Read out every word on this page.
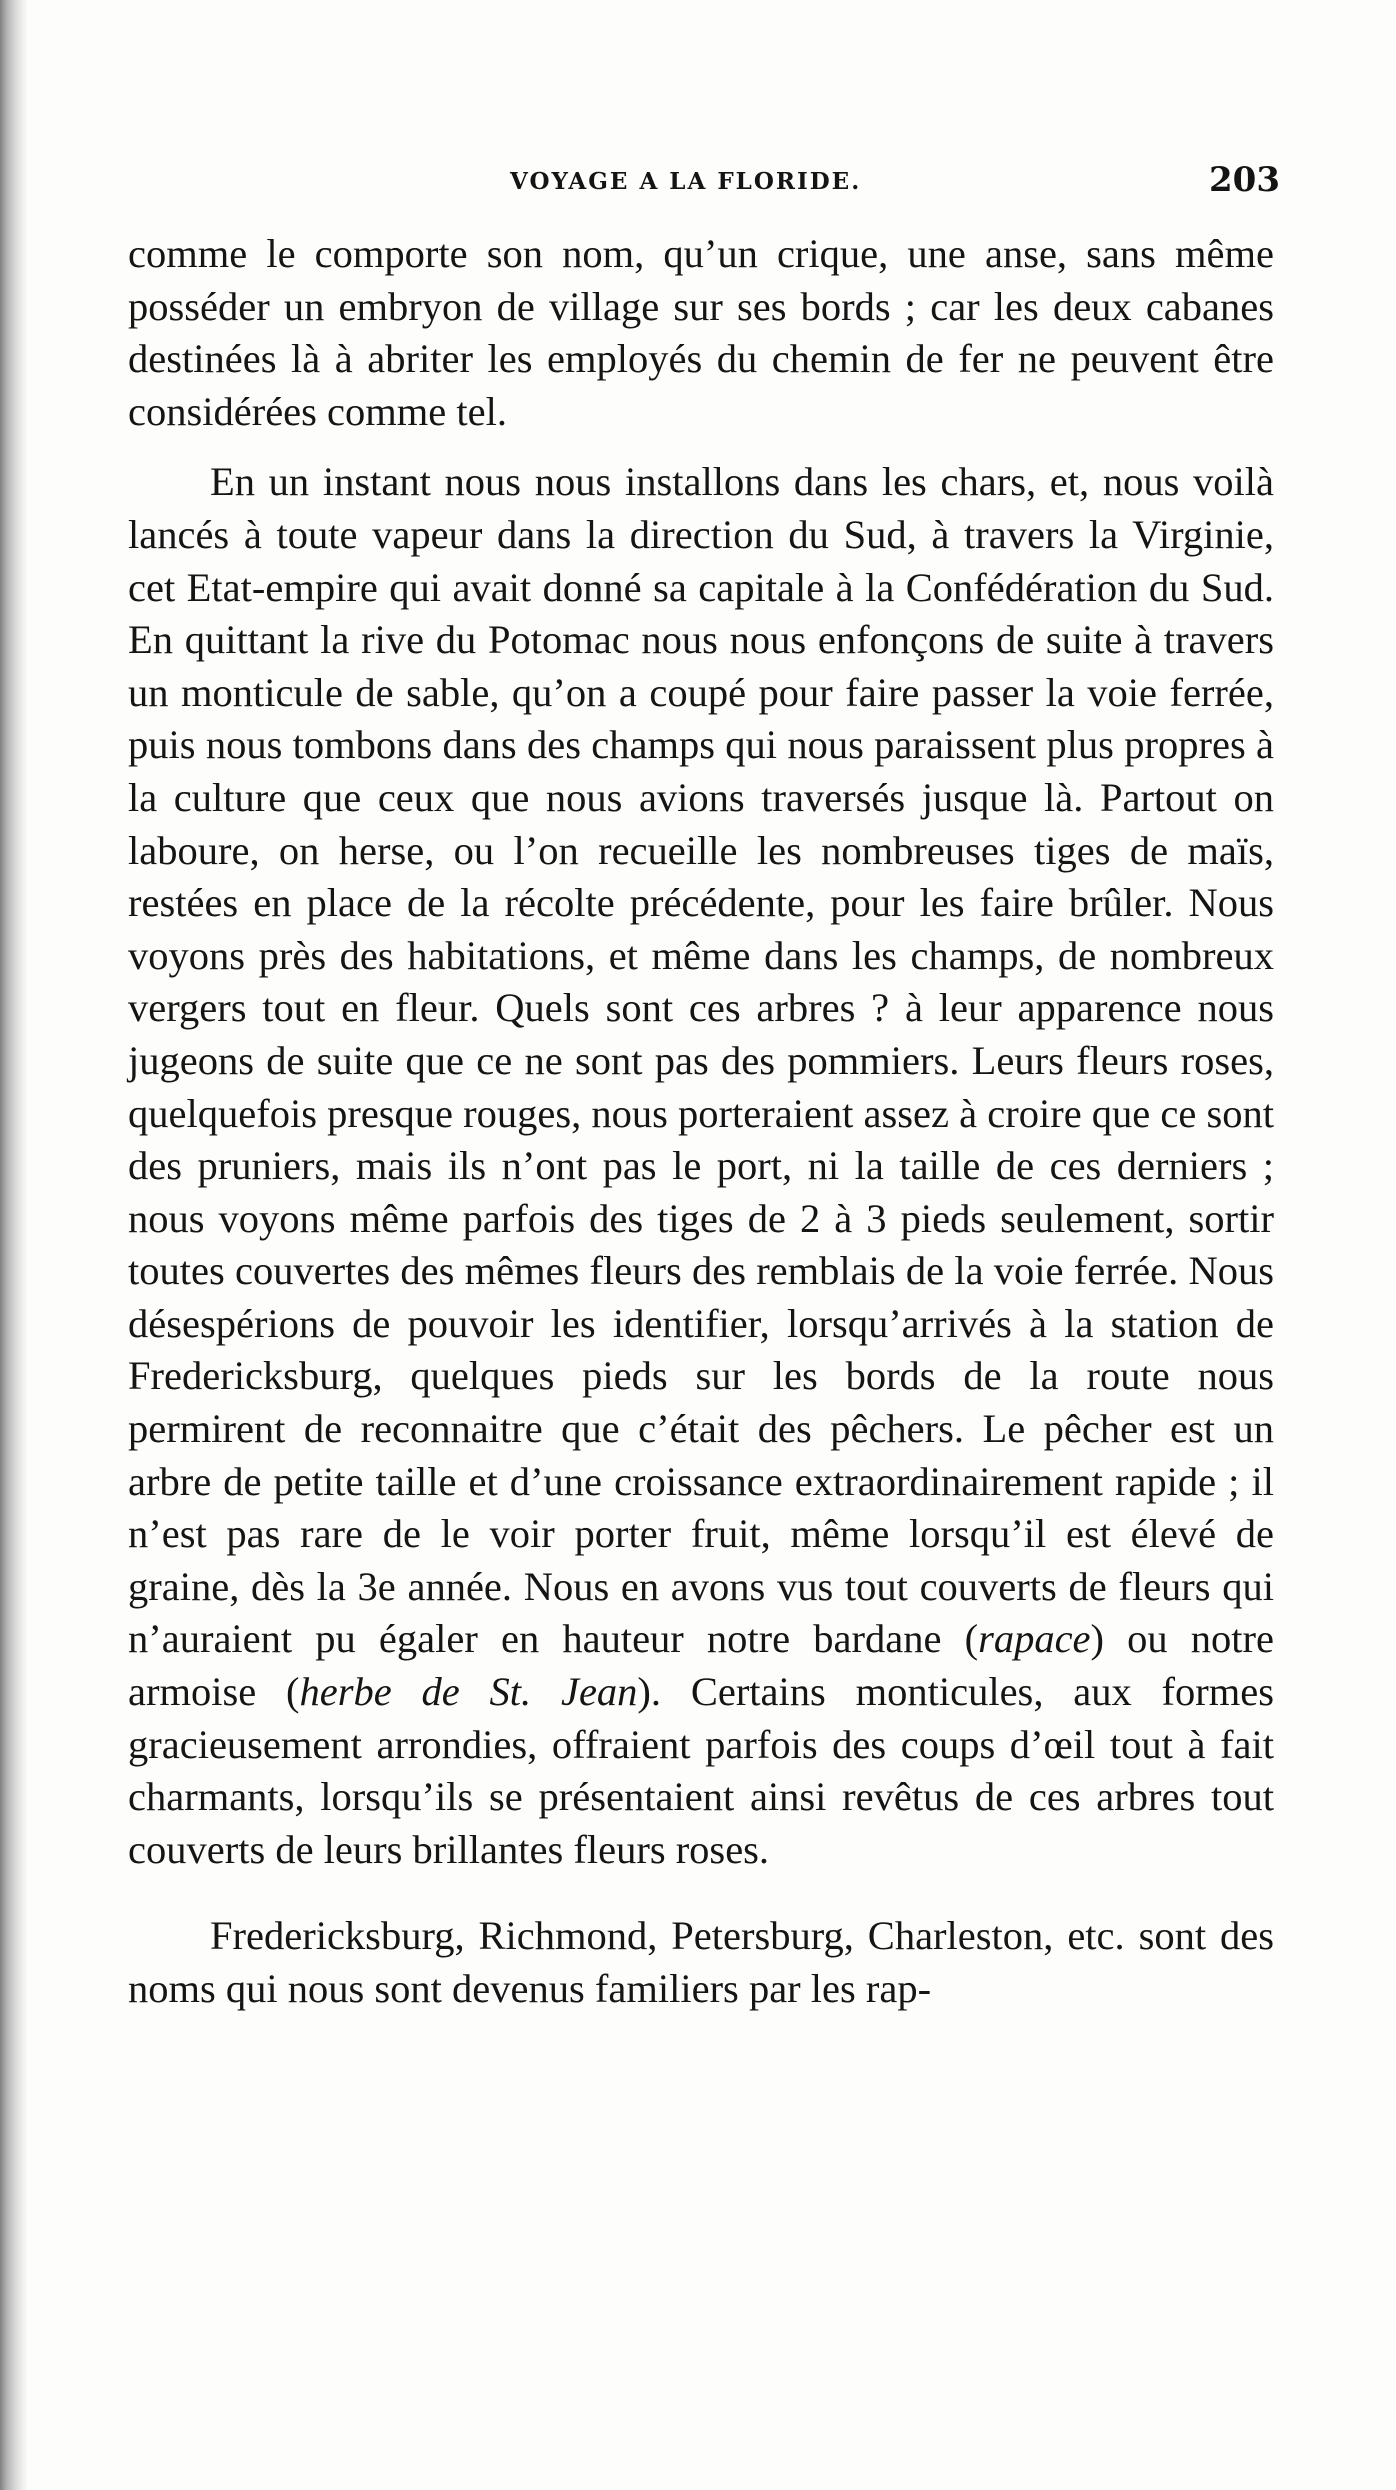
VOYAGE A LA FLORIDE.	203

comme le comporte son nom, qu’un crique, une anse, sans même posséder un embryon de village sur ses bords ; car les deux cabanes destinées là à abriter les employés du chemin de fer ne peuvent être considérées comme tel.

En un instant nous nous installons dans les chars, et, nous voilà lancés à toute vapeur dans la direction du Sud, à travers la Virginie, cet Etat-empire qui avait donné sa capitale à la Confédération du Sud. En quittant la rive du Potomac nous nous enfonçons de suite à travers un monticule de sable, qu’on a coupé pour faire passer la voie ferrée, puis nous tombons dans des champs qui nous paraissent plus propres à la culture que ceux que nous avions traversés jusque là. Partout on laboure, on herse, ou l’on recueille les nombreuses tiges de maïs, restées en place de la récolte précédente, pour les faire brûler. Nous voyons près des habitations, et même dans les champs, de nombreux vergers tout en fleur. Quels sont ces arbres ? à leur apparence nous jugeons de suite que ce ne sont pas des pommiers. Leurs fleurs roses, quelquefois presque rouges, nous porteraient assez à croire que ce sont des pruniers, mais ils n’ont pas le port, ni la taille de ces derniers ; nous voyons même parfois des tiges de 2 à 3 pieds seulement, sortir toutes couvertes des mêmes fleurs des remblais de la voie ferrée. Nous désespérions de pouvoir les identifier, lorsqu’arrivés à la station de Fredericksburg, quelques pieds sur les bords de la route nous permirent de reconnaitre que c’était des pêchers. Le pêcher est un arbre de petite taille et d’une croissance extraordinairement rapide ; il n’est pas rare de le voir porter fruit, même lorsqu’il est élevé de graine, dès la 3e année. Nous en avons vus tout couverts de fleurs qui n’auraient pu égaler en hauteur notre bardane (rapace) ou notre armoise (herbe de St. Jean). Certains monticules, aux formes gracieusement arrondies, offraient parfois des coups d’œil tout à fait charmants, lorsqu’ils se présentaient ainsi revêtus de ces arbres tout couverts de leurs brillantes fleurs roses.

Fredericksburg, Richmond, Petersburg, Charleston, etc. sont des noms qui nous sont devenus familiers par les rap-
